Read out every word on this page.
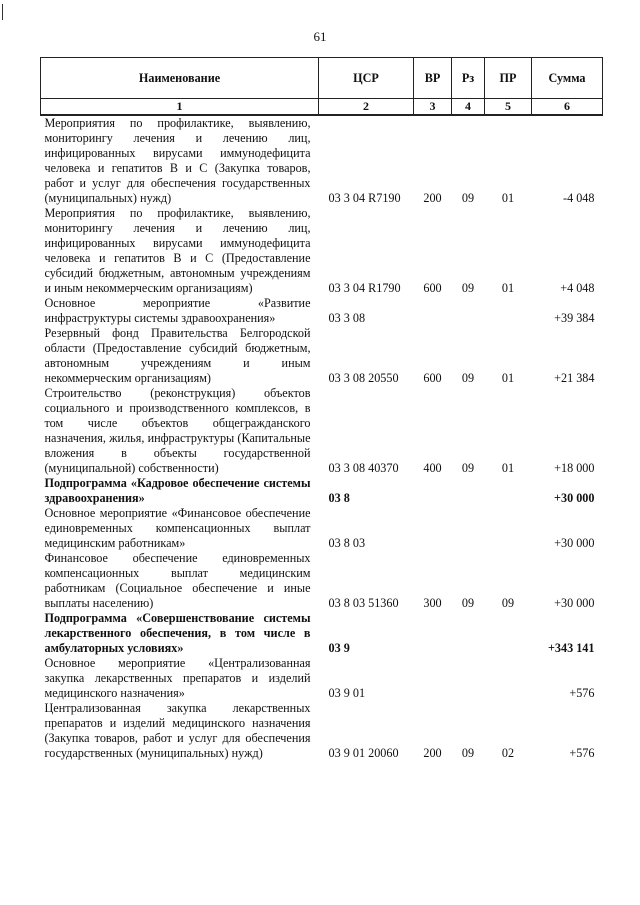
61
Наименование	ЦСР	ВР	Рз	ПР	Сумма
1	2	3	4	5	6
Мероприятия по профилактике, выявлению, мониторингу лечения и лечению лиц, инфицированных вирусами иммунодефицита человека и гепатитов В и С (Закупка товаров, работ и услуг для обеспечения государственных (муниципальных) нужд)	03 3 04 R7190	200	09	01	-4 048
Мероприятия по профилактике, выявлению, мониторингу лечения и лечению лиц, инфицированных вирусами иммунодефицита человека и гепатитов В и С (Предоставление субсидий бюджетным, автономным учреждениям и иным некоммерческим организациям)	03 3 04 R1790	600	09	01	+4 048
Основное мероприятие «Развитие инфраструктуры системы здравоохранения»	03 3 08				+39 384
Резервный фонд Правительства Белгородской области (Предоставление субсидий бюджетным, автономным учреждениям и иным некоммерческим организациям)	03 3 08 20550	600	09	01	+21 384
Строительство (реконструкция) объектов социального и производственного комплексов, в том числе объектов общегражданского назначения, жилья, инфраструктуры (Капитальные вложения в объекты государственной (муниципальной) собственности)	03 3 08 40370	400	09	01	+18 000
Подпрограмма «Кадровое обеспечение системы здравоохранения»	03 8				+30 000
Основное мероприятие «Финансовое обеспечение единовременных компенсационных выплат медицинским работникам»	03 8 03				+30 000
Финансовое обеспечение единовременных компенсационных выплат медицинским работникам (Социальное обеспечение и иные выплаты населению)	03 8 03 51360	300	09	09	+30 000
Подпрограмма «Совершенствование системы лекарственного обеспечения, в том числе в амбулаторных условиях»	03 9				+343 141
Основное мероприятие «Централизованная закупка лекарственных препаратов и изделий медицинского назначения»	03 9 01				+576
Централизованная закупка лекарственных препаратов и изделий медицинского назначения (Закупка товаров, работ и услуг для обеспечения государственных (муниципальных) нужд)	03 9 01 20060	200	09	02	+576
